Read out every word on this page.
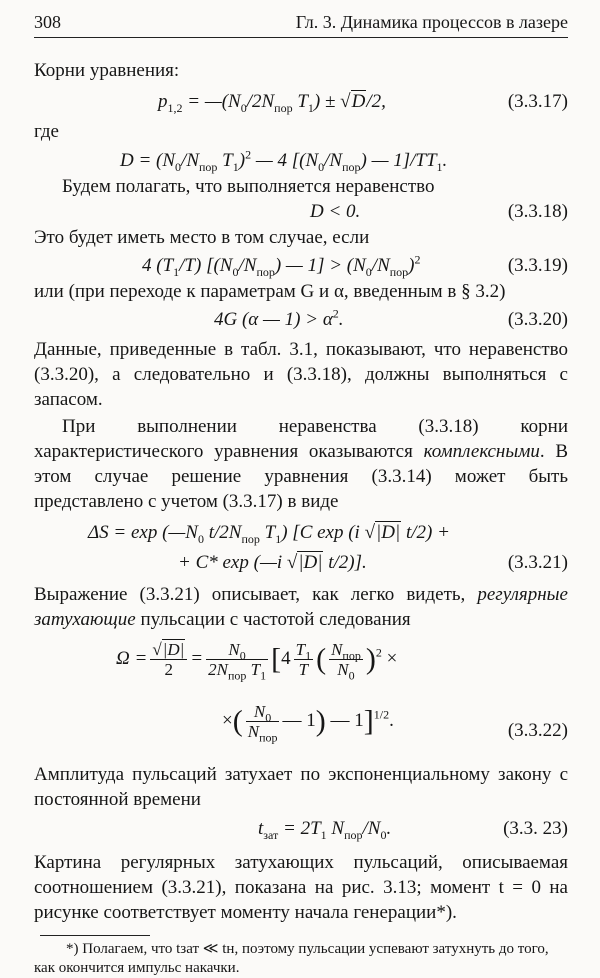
308	Гл. 3. Динамика процессов в лазере

Корни уравнения:

$p_{1,2}$ = $—(N_0/2N_{пор}$ $T_1) \pm √D/2$,	(3.3.17)

где

$D = (N_0/N_{пор}$ $T_1)^2$ — 4 [$(N_0/N_{пор})$ — $1]/TT_1$.

Будем полагать, что выполняется неравенство

D < 0.	(3.3.18)

Это будет иметь место в том случае, если

4 $(T_1/T)$ [$(N_0/N_{пор})$ — $1] > (N_0/N_{пор})^2$	(3.3.19)

или (при переходе к параметрам G и α, введенным в § 3.2)

4G (α — $1) > \alpha^2$.	(3.3.20)

Данные, приведенные в табл. 3.1, показывают, что неравенство (3.3.20), а следовательно и (3.3.18), должны выполняться с запасом.

При выполнении неравенства (3.3.18) корни характеристического уравнения оказываются комплексными. В этом случае решение уравнения (3.3.14) может быть представлено с учетом (3.3.17) в виде

$\Delta S = \exp (—N_0$ $t/2N_{пор}$ $T_1$) [C exp (i √|D| t/2) +
+ C* exp (—i √|D| t/2)].	(3.3.21)

Выражение (3.3.21) описывает, как легко видеть, регулярные затухающие пульсации с частотой следования

$\Omega = \frac{√|D|}{2} = \frac{N_0}{2N_{пор} T_1} [4 \frac{T_1}{T}$ ( $\frac{N_{пор}}{N_0} )^2$ ×
×( $\frac{N_0}{N_{пор}}$ — 1) — 1]$^{1/2}$.	(3.3.22)

Амплитуда пульсаций затухает по экспоненциальному закону с постоянной времени

$t_{зат} = 2T_1$ $N_{пор}/N_0$.	(3.3. 23)

Картина регулярных затухающих пульсаций, описываемая соотношением (3.3.21), показана на рис. 3.13; момент t = 0 на рисунке соответствует моменту начала генерации*).

*) Полагаем, что tзат ≪ tн, поэтому пульсации успевают затухнуть до того, как окончится импульс накачки.
